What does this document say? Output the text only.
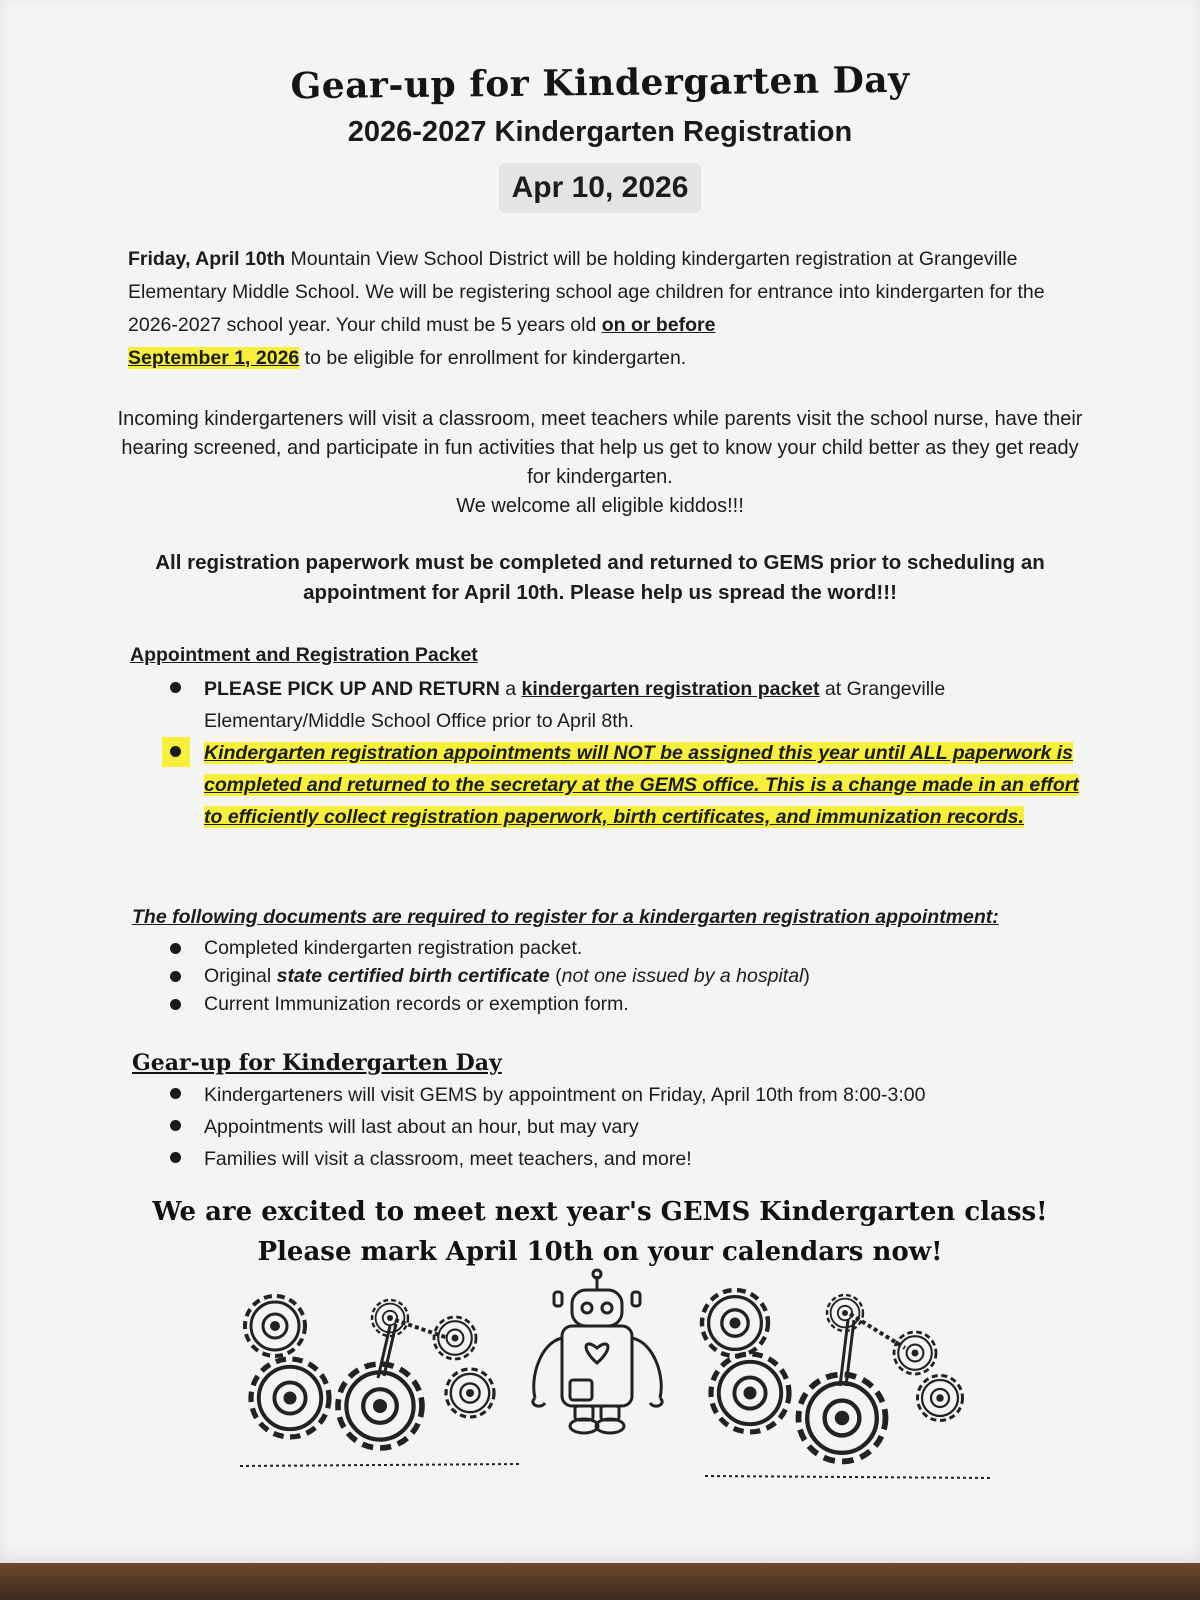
Gear-up for Kindergarten Day
2026-2027 Kindergarten Registration
Apr 10, 2026
Friday, April 10th Mountain View School District will be holding kindergarten registration at Grangeville Elementary Middle School. We will be registering school age children for entrance into kindergarten for the 2026-2027 school year. Your child must be 5 years old on or before
September 1, 2026 to be eligible for enrollment for kindergarten.
Incoming kindergarteners will visit a classroom, meet teachers while parents visit the school nurse, have their hearing screened, and participate in fun activities that help us get to know your child better as they get ready for kindergarten.
We welcome all eligible kiddos!!!
All registration paperwork must be completed and returned to GEMS prior to scheduling an appointment for April 10th. Please help us spread the word!!!
Appointment and Registration Packet
PLEASE PICK UP AND RETURN a kindergarten registration packet at Grangeville Elementary/Middle School Office prior to April 8th.
Kindergarten registration appointments will NOT be assigned this year until ALL paperwork is completed and returned to the secretary at the GEMS office. This is a change made in an effort to efficiently collect registration paperwork, birth certificates, and immunization records.
The following documents are required to register for a kindergarten registration appointment:
Completed kindergarten registration packet.
Original state certified birth certificate (not one issued by a hospital)
Current Immunization records or exemption form.
Gear-up for Kindergarten Day
Kindergarteners will visit GEMS by appointment on Friday, April 10th from 8:00-3:00
Appointments will last about an hour, but may vary
Families will visit a classroom, meet teachers, and more!
We are excited to meet next year's GEMS Kindergarten class!
Please mark April 10th on your calendars now!
